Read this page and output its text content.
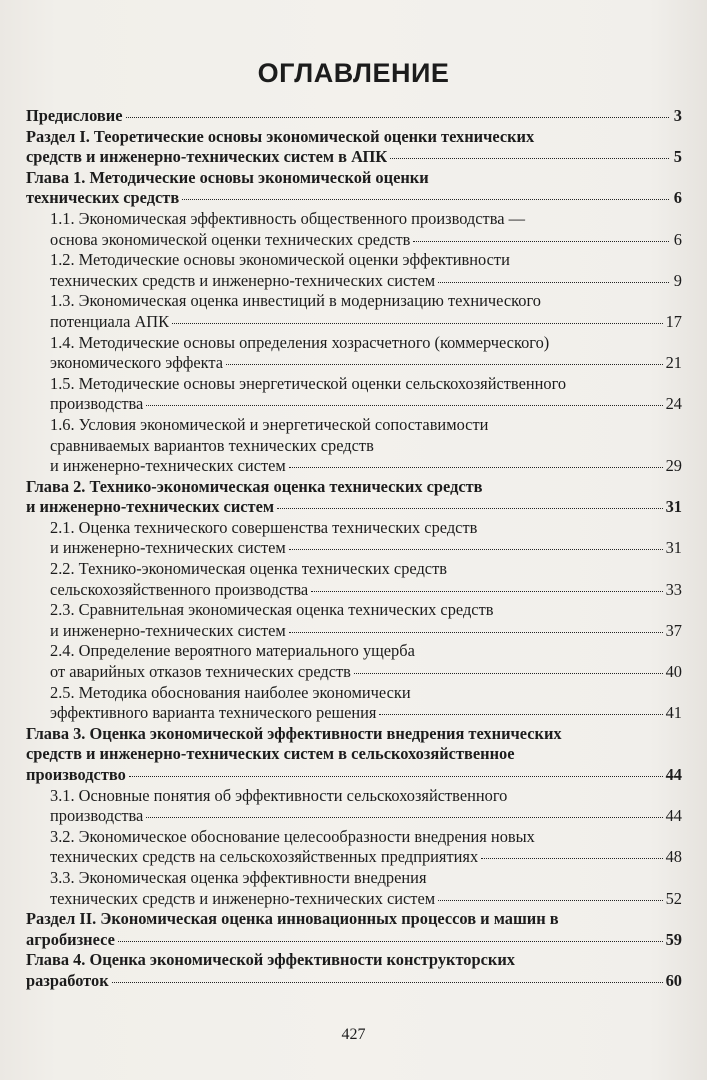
ОГЛАВЛЕНИЕ
Предисловие	3
Раздел I. Теоретические основы экономической оценки технических
средств и инженерно-технических систем в АПК	5
Глава 1. Методические основы экономической оценки
технических средств	6
1.1. Экономическая эффективность общественного производства —
основа экономической оценки технических средств	6
1.2. Методические основы экономической оценки эффективности
технических средств и инженерно-технических систем	9
1.3. Экономическая оценка инвестиций в модернизацию технического
потенциала АПК	17
1.4. Методические основы определения хозрасчетного (коммерческого)
экономического эффекта	21
1.5. Методические основы энергетической оценки сельскохозяйственного
производства	24
1.6. Условия экономической и энергетической сопоставимости
сравниваемых вариантов технических средств
и инженерно-технических систем	29
Глава 2. Технико-экономическая оценка технических средств
и инженерно-технических систем	31
2.1. Оценка технического совершенства технических средств
и инженерно-технических систем	31
2.2. Технико-экономическая оценка технических средств
сельскохозяйственного производства	33
2.3. Сравнительная экономическая оценка технических средств
и инженерно-технических систем	37
2.4. Определение вероятного материального ущерба
от аварийных отказов технических средств	40
2.5. Методика обоснования наиболее экономически
эффективного варианта технического решения	41
Глава 3. Оценка экономической эффективности внедрения технических
средств и инженерно-технических систем в сельскохозяйственное
производство	44
3.1. Основные понятия об эффективности сельскохозяйственного
производства	44
3.2. Экономическое обоснование целесообразности внедрения новых
технических средств на сельскохозяйственных предприятиях	48
3.3. Экономическая оценка эффективности внедрения
технических средств и инженерно-технических систем	52
Раздел II. Экономическая оценка инновационных процессов и машин в
агробизнесе	59
Глава 4. Оценка экономической эффективности конструкторских
разработок	60
427
